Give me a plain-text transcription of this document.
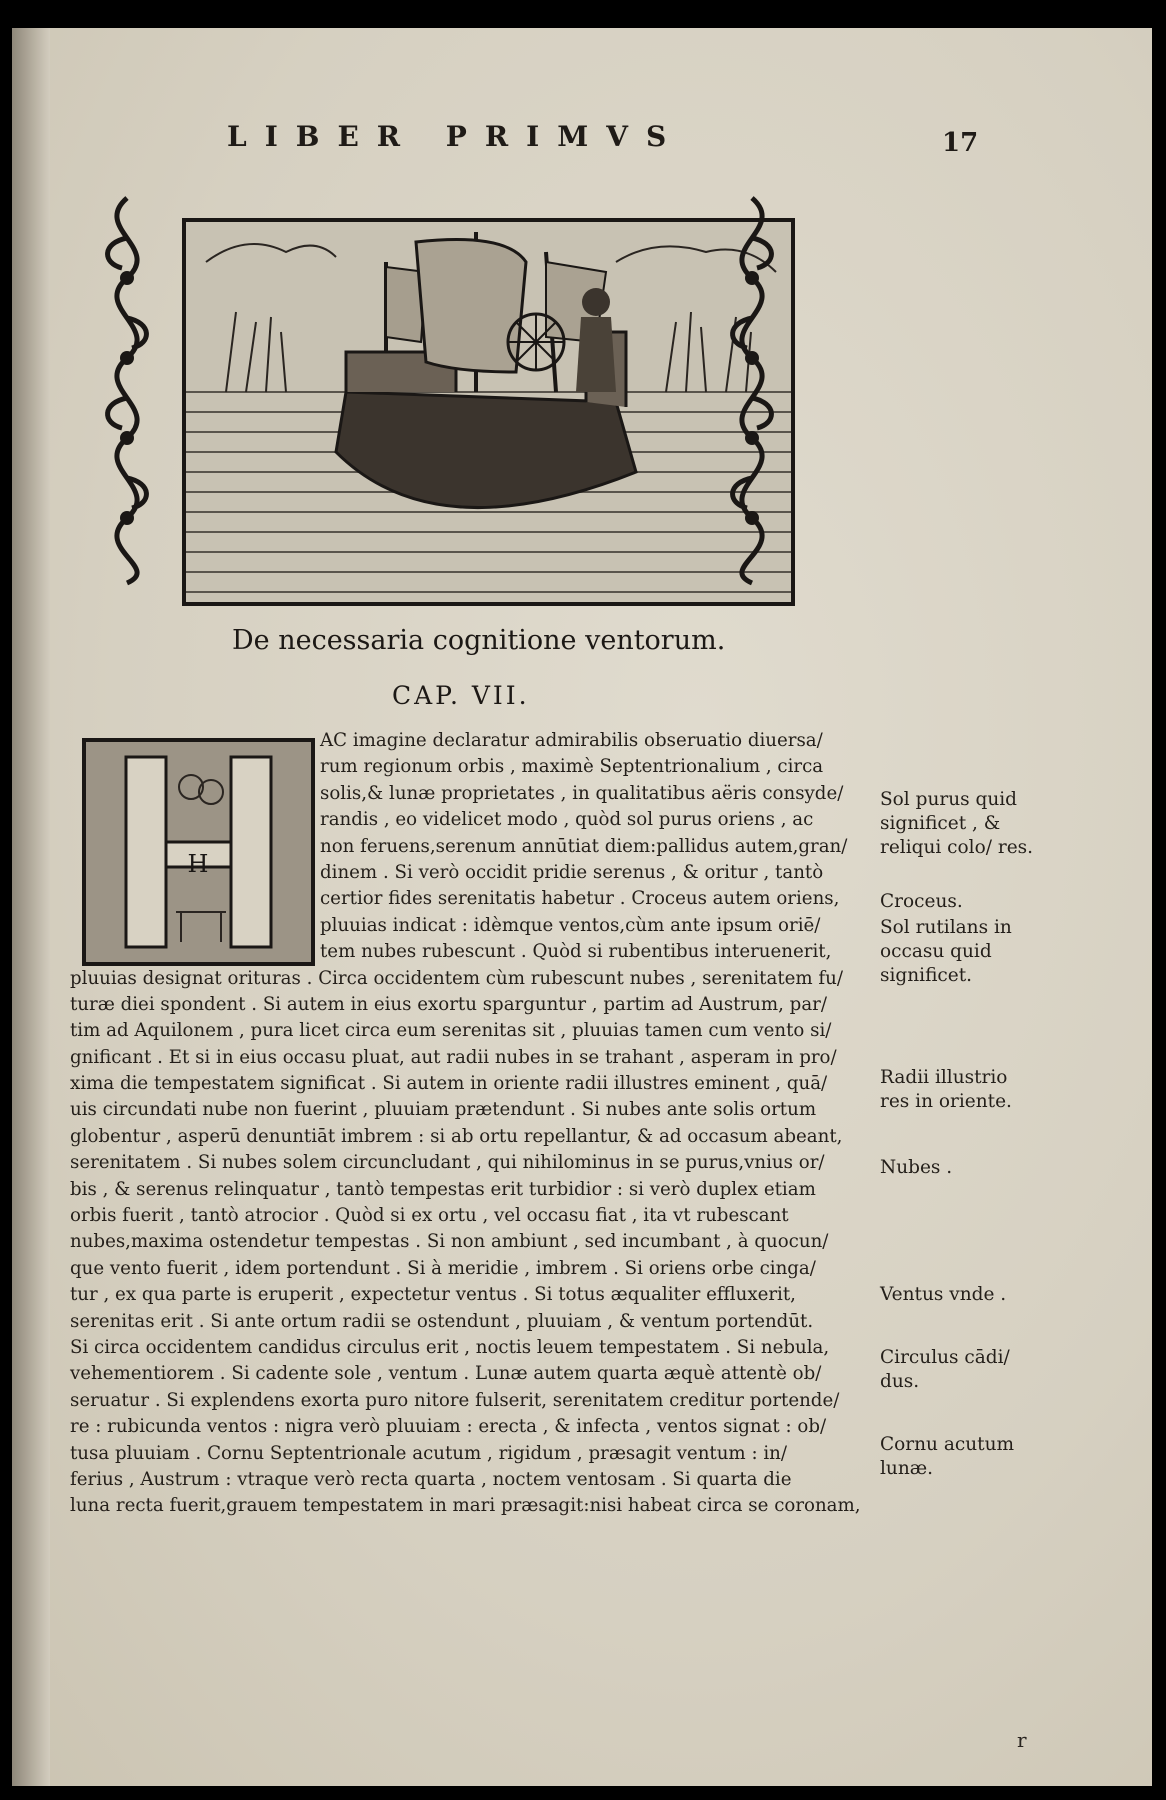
LIBER PRIMVS	17
De necessaria cognitione ventorum.
CAP. VII.
H
AC imagine declaratur admirabilis obseruatio diuersa/
rum regionum orbis , maximè Septentrionalium , circa
solis,& lunæ proprietates , in qualitatibus aëris consyde/
randis , eo videlicet modo , quòd sol purus oriens , ac
non feruens,serenum annūtiat diem:pallidus autem,gran/
dinem . Si verò occidit pridie serenus , & oritur , tantò
certior fides serenitatis habetur . Croceus autem oriens,
pluuias indicat : idèmque ventos,cùm ante ipsum oriē/
tem nubes rubescunt . Quòd si rubentibus interuenerit,
pluuias designat orituras . Circa occidentem cùm rubescunt nubes , serenitatem fu/
turæ diei spondent . Si autem in eius exortu sparguntur , partim ad Austrum, par/
tim ad Aquilonem , pura licet circa eum serenitas sit , pluuias tamen cum vento si/
gnificant . Et si in eius occasu pluat, aut radii nubes in se trahant , asperam in pro/
xima die tempestatem significat . Si autem in oriente radii illustres eminent , quā/
uis circundati nube non fuerint , pluuiam prætendunt . Si nubes ante solis ortum
globentur , asperū denuntiāt imbrem : si ab ortu repellantur, & ad occasum abeant,
serenitatem . Si nubes solem circuncludant , qui nihilominus in se purus,vnius or/
bis , & serenus relinquatur , tantò tempestas erit turbidior : si verò duplex etiam
orbis fuerit , tantò atrocior . Quòd si ex ortu , vel occasu fiat , ita vt rubescant
nubes,maxima ostendetur tempestas . Si non ambiunt , sed incumbant , à quocun/
que vento fuerit , idem portendunt . Si à meridie , imbrem . Si oriens orbe cinga/
tur , ex qua parte is eruperit , expectetur ventus . Si totus æqualiter effluxerit,
serenitas erit . Si ante ortum radii se ostendunt , pluuiam , & ventum portendūt.
Si circa occidentem candidus circulus erit , noctis leuem tempestatem . Si nebula,
vehementiorem . Si cadente sole , ventum . Lunæ autem quarta æquè attentè ob/
seruatur . Si explendens exorta puro nitore fulserit, serenitatem creditur portende/
re : rubicunda ventos : nigra verò pluuiam : erecta , & infecta , ventos signat : ob/
tusa pluuiam . Cornu Septentrionale acutum , rigidum , præsagit ventum : in/
ferius , Austrum : vtraque verò recta quarta , noctem ventosam . Si quarta die
luna recta fuerit,grauem tempestatem in mari præsagit:nisi habeat circa se coronam,
Sol purus quid significet , & reliqui colo/ res.
Croceus.
Sol rutilans in occasu quid significet.
Radii illustrio res in oriente.
Nubes .
Ventus vnde .
Circulus cādi/ dus.
Cornu acutum lunæ.
r
